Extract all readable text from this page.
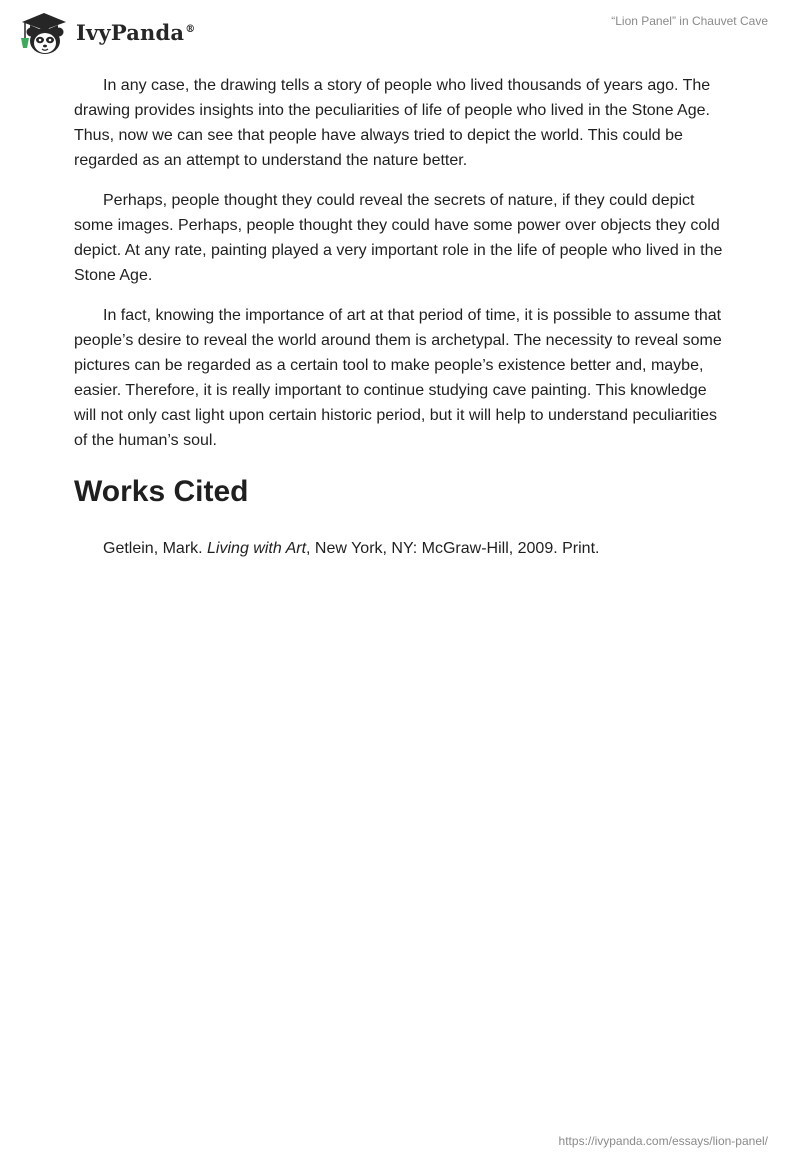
IvyPanda®
“Lion Panel” in Chauvet Cave

In any case, the drawing tells a story of people who lived thousands of years ago. The drawing provides insights into the peculiarities of life of people who lived in the Stone Age. Thus, now we can see that people have always tried to depict the world. This could be regarded as an attempt to understand the nature better.

Perhaps, people thought they could reveal the secrets of nature, if they could depict some images. Perhaps, people thought they could have some power over objects they cold depict. At any rate, painting played a very important role in the life of people who lived in the Stone Age.

In fact, knowing the importance of art at that period of time, it is possible to assume that people’s desire to reveal the world around them is archetypal. The necessity to reveal some pictures can be regarded as a certain tool to make people’s existence better and, maybe, easier. Therefore, it is really important to continue studying cave painting. This knowledge will not only cast light upon certain historic period, but it will help to understand peculiarities of the human’s soul.

Works Cited

Getlein, Mark. Living with Art, New York, NY: McGraw-Hill, 2009. Print.

https://ivypanda.com/essays/lion-panel/
